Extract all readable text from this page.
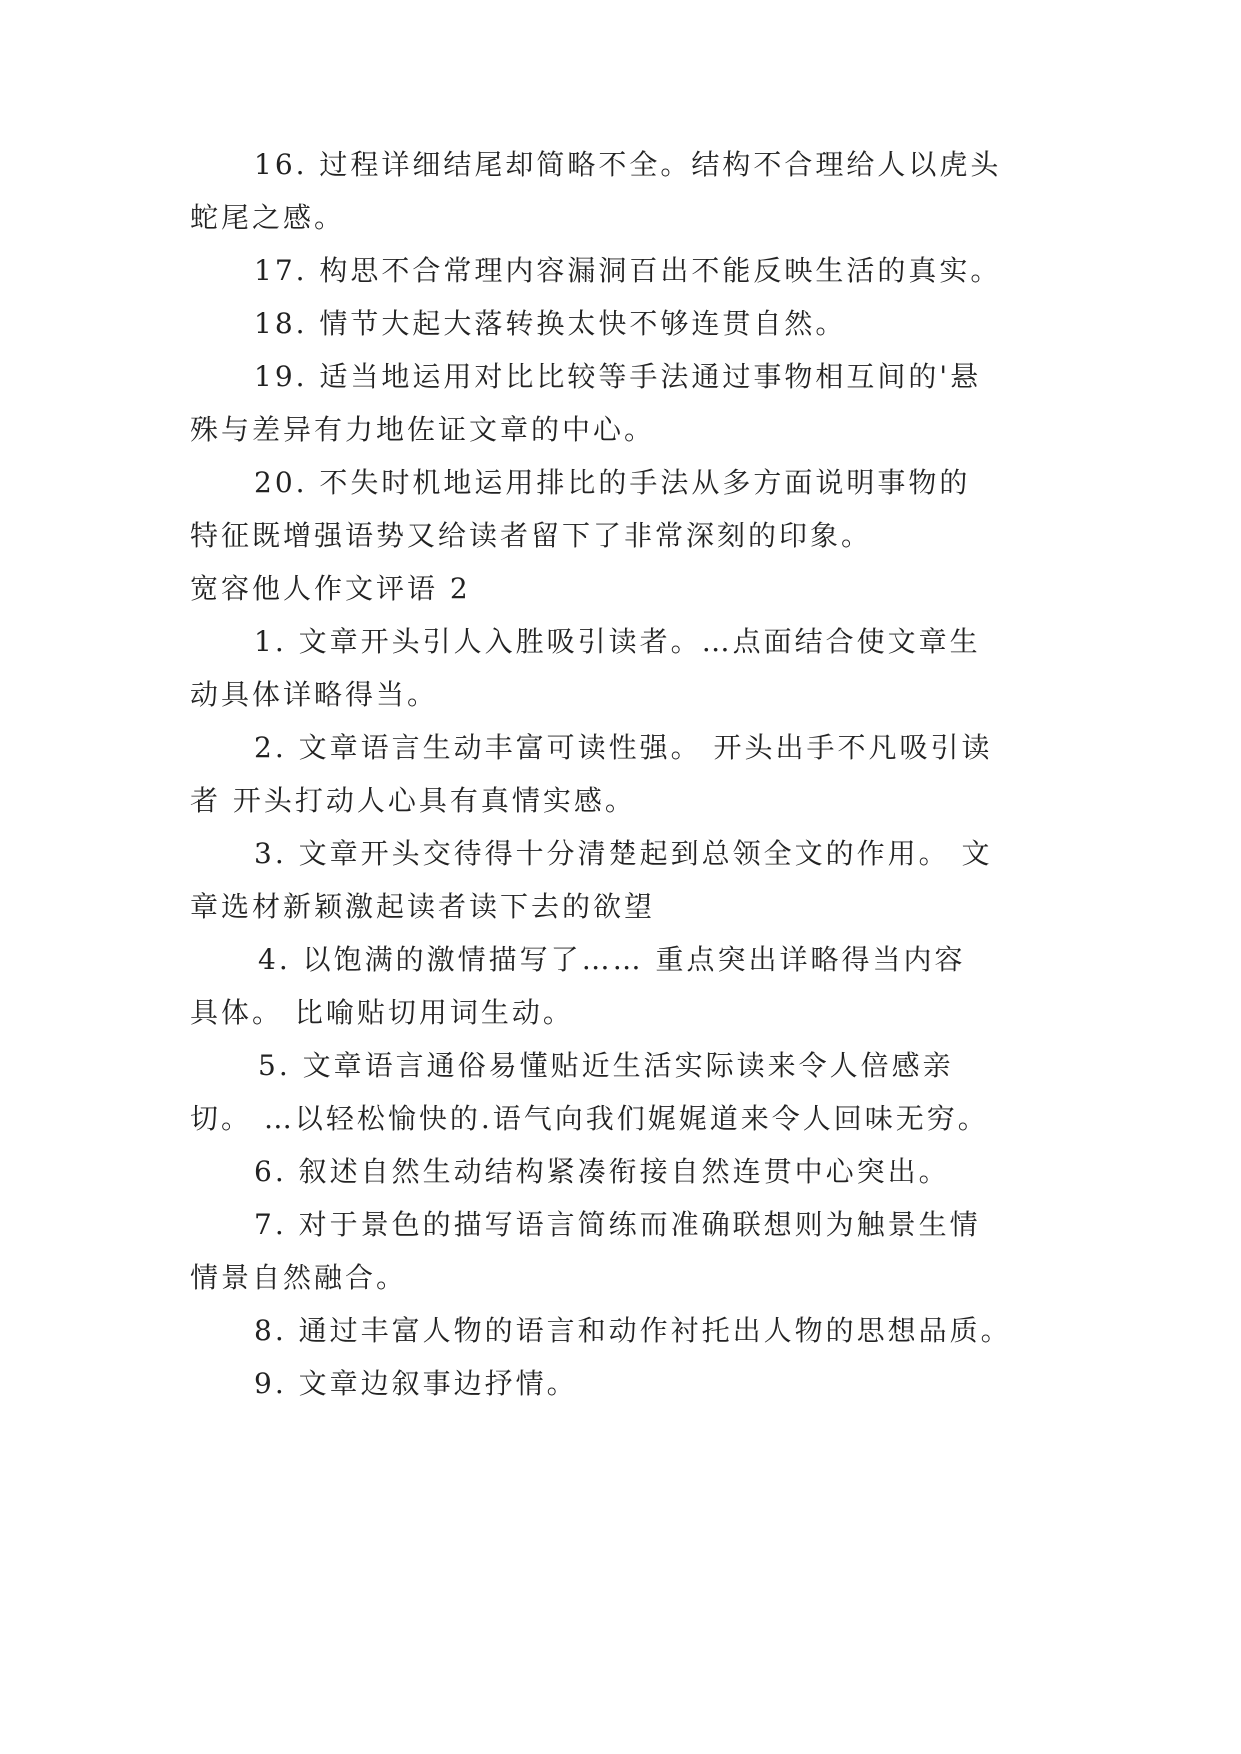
16. 过程详细结尾却简略不全。结构不合理给人以虎头
蛇尾之感。
17. 构思不合常理内容漏洞百出不能反映生活的真实。
18. 情节大起大落转换太快不够连贯自然。
19. 适当地运用对比比较等手法通过事物相互间的'悬
殊与差异有力地佐证文章的中心。
20. 不失时机地运用排比的手法从多方面说明事物的
特征既增强语势又给读者留下了非常深刻的印象。
宽容他人作文评语 2
1. 文章开头引人入胜吸引读者。…点面结合使文章生
动具体详略得当。
2. 文章语言生动丰富可读性强。 开头出手不凡吸引读
者 开头打动人心具有真情实感。
3. 文章开头交待得十分清楚起到总领全文的作用。 文
章选材新颖激起读者读下去的欲望
4. 以饱满的激情描写了…… 重点突出详略得当内容
具体。 比喻贴切用词生动。
5. 文章语言通俗易懂贴近生活实际读来令人倍感亲
切。 …以轻松愉快的.语气向我们娓娓道来令人回味无穷。
6. 叙述自然生动结构紧凑衔接自然连贯中心突出。
7. 对于景色的描写语言简练而准确联想则为触景生情
情景自然融合。
8. 通过丰富人物的语言和动作衬托出人物的思想品质。
9. 文章边叙事边抒情。
